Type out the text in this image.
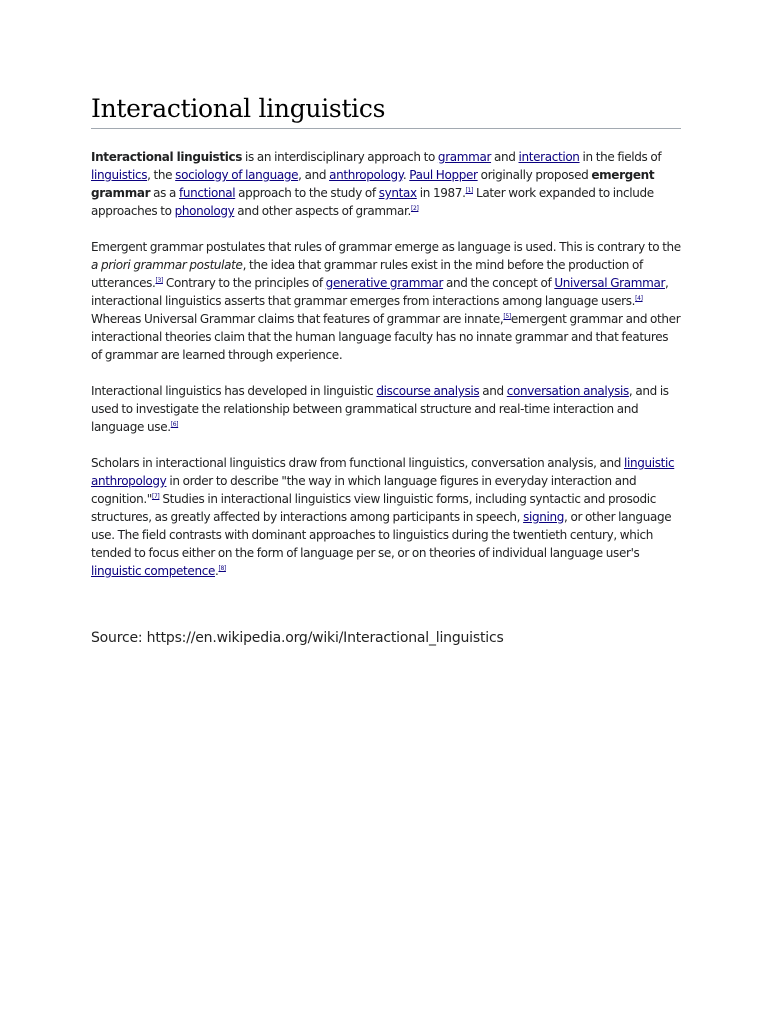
Interactional linguistics

Interactional linguistics is an interdisciplinary approach to grammar and interaction in the fields of linguistics, the sociology of language, and anthropology. Paul Hopper originally proposed emergent grammar as a functional approach to the study of syntax in 1987.[1] Later work expanded to include approaches to phonology and other aspects of grammar.[2]

Emergent grammar postulates that rules of grammar emerge as language is used. This is contrary to the a priori grammar postulate, the idea that grammar rules exist in the mind before the production of utterances.[3] Contrary to the principles of generative grammar and the concept of Universal Grammar, interactional linguistics asserts that grammar emerges from interactions among language users.[4] Whereas Universal Grammar claims that features of grammar are innate,[5]emergent grammar and other interactional theories claim that the human language faculty has no innate grammar and that features of grammar are learned through experience.

Interactional linguistics has developed in linguistic discourse analysis and conversation analysis, and is used to investigate the relationship between grammatical structure and real-time interaction and language use.[6]

Scholars in interactional linguistics draw from functional linguistics, conversation analysis, and linguistic anthropology in order to describe "the way in which language figures in everyday interaction and cognition."[7] Studies in interactional linguistics view linguistic forms, including syntactic and prosodic structures, as greatly affected by interactions among participants in speech, signing, or other language use. The field contrasts with dominant approaches to linguistics during the twentieth century, which tended to focus either on the form of language per se, or on theories of individual language user's linguistic competence.[8]

Source: https://en.wikipedia.org/wiki/Interactional_linguistics
